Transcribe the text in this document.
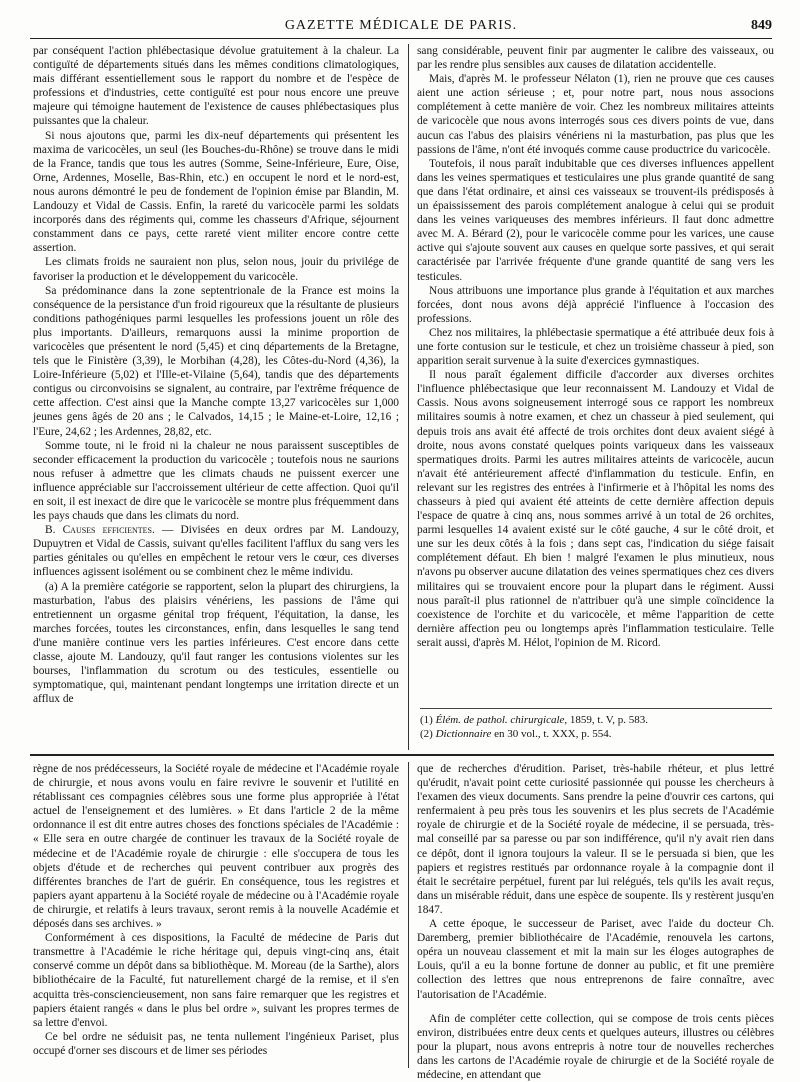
GAZETTE MÉDICALE DE PARIS.	849

par conséquent l'action phlébectasique dévolue gratuitement à la chaleur. La contiguïté de départements situés dans les mêmes conditions climatologiques, mais différant essentiellement sous le rapport du nombre et de l'espèce de professions et d'industries, cette contiguïté est pour nous encore une preuve majeure qui témoigne hautement de l'existence de causes phlébectasiques plus puissantes que la chaleur.

Si nous ajoutons que, parmi les dix-neuf départements qui présentent les maxima de varicocèles, un seul (les Bouches-du-Rhône) se trouve dans le midi de la France, tandis que tous les autres (Somme, Seine-Inférieure, Eure, Oise, Orne, Ardennes, Moselle, Bas-Rhin, etc.) en occupent le nord et le nord-est, nous aurons démontré le peu de fondement de l'opinion émise par Blandin, M. Landouzy et Vidal de Cassis. Enfin, la rareté du varicocèle parmi les soldats incorporés dans des régiments qui, comme les chasseurs d'Afrique, séjournent constamment dans ce pays, cette rareté vient militer encore contre cette assertion.

Les climats froids ne sauraient non plus, selon nous, jouir du privilége de favoriser la production et le développement du varicocèle.

Sa prédominance dans la zone septentrionale de la France est moins la conséquence de la persistance d'un froid rigoureux que la résultante de plusieurs conditions pathogéniques parmi lesquelles les professions jouent un rôle des plus importants. D'ailleurs, remarquons aussi la minime proportion de varicocèles que présentent le nord (5,45) et cinq départements de la Bretagne, tels que le Finistère (3,39), le Morbihan (4,28), les Côtes-du-Nord (4,36), la Loire-Inférieure (5,02) et l'Ille-et-Vilaine (5,64), tandis que des départements contigus ou circonvoisins se signalent, au contraire, par l'extrême fréquence de cette affection. C'est ainsi que la Manche compte 13,27 varicocèles sur 1,000 jeunes gens âgés de 20 ans ; le Calvados, 14,15 ; le Maine-et-Loire, 12,16 ; l'Eure, 24,62 ; les Ardennes, 28,82, etc.

Somme toute, ni le froid ni la chaleur ne nous paraissent susceptibles de seconder efficacement la production du varicocèle ; toutefois nous ne saurions nous refuser à admettre que les climats chauds ne puissent exercer une influence appréciable sur l'accroissement ultérieur de cette affection. Quoi qu'il en soit, il est inexact de dire que le varicocèle se montre plus fréquemment dans les pays chauds que dans les climats du nord.

B. Causes efficientes. — Divisées en deux ordres par M. Landouzy, Dupuytren et Vidal de Cassis, suivant qu'elles facilitent l'afflux du sang vers les parties génitales ou qu'elles en empêchent le retour vers le cœur, ces diverses influences agissent isolément ou se combinent chez le même individu.

(a) A la première catégorie se rapportent, selon la plupart des chirurgiens, la masturbation, l'abus des plaisirs vénériens, les passions de l'âme qui entretiennent un orgasme génital trop fréquent, l'équitation, la danse, les marches forcées, toutes les circonstances, enfin, dans lesquelles le sang tend d'une manière continue vers les parties inférieures. C'est encore dans cette classe, ajoute M. Landouzy, qu'il faut ranger les contusions violentes sur les bourses, l'inflammation du scrotum ou des testicules, essentielle ou symptomatique, qui, maintenant pendant longtemps une irritation directe et un afflux de

sang considérable, peuvent finir par augmenter le calibre des vaisseaux, ou par les rendre plus sensibles aux causes de dilatation accidentelle.

Mais, d'après M. le professeur Nélaton (1), rien ne prouve que ces causes aient une action sérieuse ; et, pour notre part, nous nous associons complétement à cette manière de voir. Chez les nombreux militaires atteints de varicocèle que nous avons interrogés sous ces divers points de vue, dans aucun cas l'abus des plaisirs vénériens ni la masturbation, pas plus que les passions de l'âme, n'ont été invoqués comme cause productrice du varicocèle.

Toutefois, il nous paraît indubitable que ces diverses influences appellent dans les veines spermatiques et testiculaires une plus grande quantité de sang que dans l'état ordinaire, et ainsi ces vaisseaux se trouvent-ils prédisposés à un épaississement des parois complétement analogue à celui qui se produit dans les veines variqueuses des membres inférieurs. Il faut donc admettre avec M. A. Bérard (2), pour le varicocèle comme pour les varices, une cause active qui s'ajoute souvent aux causes en quelque sorte passives, et qui serait caractérisée par l'arrivée fréquente d'une grande quantité de sang vers les testicules.

Nous attribuons une importance plus grande à l'équitation et aux marches forcées, dont nous avons déjà apprécié l'influence à l'occasion des professions.

Chez nos militaires, la phlébectasie spermatique a été attribuée deux fois à une forte contusion sur le testicule, et chez un troisième chasseur à pied, son apparition serait survenue à la suite d'exercices gymnastiques.

Il nous paraît également difficile d'accorder aux diverses orchites l'influence phlébectasique que leur reconnaissent M. Landouzy et Vidal de Cassis. Nous avons soigneusement interrogé sous ce rapport les nombreux militaires soumis à notre examen, et chez un chasseur à pied seulement, qui depuis trois ans avait été affecté de trois orchites dont deux avaient siégé à droite, nous avons constaté quelques points variqueux dans les vaisseaux spermatiques droits. Parmi les autres militaires atteints de varicocèle, aucun n'avait été antérieurement affecté d'inflammation du testicule. Enfin, en relevant sur les registres des entrées à l'infirmerie et à l'hôpital les noms des chasseurs à pied qui avaient été atteints de cette dernière affection depuis l'espace de quatre à cinq ans, nous sommes arrivé à un total de 26 orchites, parmi lesquelles 14 avaient existé sur le côté gauche, 4 sur le côté droit, et une sur les deux côtés à la fois ; dans sept cas, l'indication du siége faisait complétement défaut. Eh bien ! malgré l'examen le plus minutieux, nous n'avons pu observer aucune dilatation des veines spermatiques chez ces divers militaires qui se trouvaient encore pour la plupart dans le régiment. Aussi nous paraît-il plus rationnel de n'attribuer qu'à une simple coïncidence la coexistence de l'orchite et du varicocèle, et même l'apparition de cette dernière affection peu ou longtemps après l'inflammation testiculaire. Telle serait aussi, d'après M. Hélot, l'opinion de M. Ricord.

(1) Élém. de pathol. chirurgicale, 1859, t. V, p. 583.

(2) Dictionnaire en 30 vol., t. XXX, p. 554.

règne de nos prédécesseurs, la Société royale de médecine et l'Académie royale de chirurgie, et nous avons voulu en faire revivre le souvenir et l'utilité en rétablissant ces compagnies célèbres sous une forme plus appropriée à l'état actuel de l'enseignement et des lumières. » Et dans l'article 2 de la même ordonnance il est dit entre autres choses des fonctions spéciales de l'Académie : « Elle sera en outre chargée de continuer les travaux de la Société royale de médecine et de l'Académie royale de chirurgie : elle s'occupera de tous les objets d'étude et de recherches qui peuvent contribuer aux progrès des différentes branches de l'art de guérir. En conséquence, tous les registres et papiers ayant appartenu à la Société royale de médecine ou à l'Académie royale de chirurgie, et relatifs à leurs travaux, seront remis à la nouvelle Académie et déposés dans ses archives. »

Conformément à ces dispositions, la Faculté de médecine de Paris dut transmettre à l'Académie le riche héritage qui, depuis vingt-cinq ans, était conservé comme un dépôt dans sa bibliothèque. M. Moreau (de la Sarthe), alors bibliothécaire de la Faculté, fut naturellement chargé de la remise, et il s'en acquitta très-consciencieusement, non sans faire remarquer que les registres et papiers étaient rangés « dans le plus bel ordre », suivant les propres termes de sa lettre d'envoi.

Ce bel ordre ne séduisit pas, ne tenta nullement l'ingénieux Pariset, plus occupé d'orner ses discours et de limer ses périodes

que de recherches d'érudition. Pariset, très-habile rhéteur, et plus lettré qu'érudit, n'avait point cette curiosité passionnée qui pousse les chercheurs à l'examen des vieux documents. Sans prendre la peine d'ouvrir ces cartons, qui renfermaient à peu près tous les souvenirs et les plus secrets de l'Académie royale de chirurgie et de la Société royale de médecine, il se persuada, très-mal conseillé par sa paresse ou par son indifférence, qu'il n'y avait rien dans ce dépôt, dont il ignora toujours la valeur. Il se le persuada si bien, que les papiers et registres restitués par ordonnance royale à la compagnie dont il était le secrétaire perpétuel, furent par lui relégués, tels qu'ils les avait reçus, dans un misérable réduit, dans une espèce de soupente. Ils y restèrent jusqu'en 1847.

A cette époque, le successeur de Pariset, avec l'aide du docteur Ch. Daremberg, premier bibliothécaire de l'Académie, renouvela les cartons, opéra un nouveau classement et mit la main sur les éloges autographes de Louis, qu'il a eu la bonne fortune de donner au public, et fit une première collection des lettres que nous entreprenons de faire connaître, avec l'autorisation de l'Académie.

Afin de compléter cette collection, qui se compose de trois cents pièces environ, distribuées entre deux cents et quelques auteurs, illustres ou célèbres pour la plupart, nous avons entrepris à notre tour de nouvelles recherches dans les cartons de l'Académie royale de chirurgie et de la Société royale de médecine, en attendant que
